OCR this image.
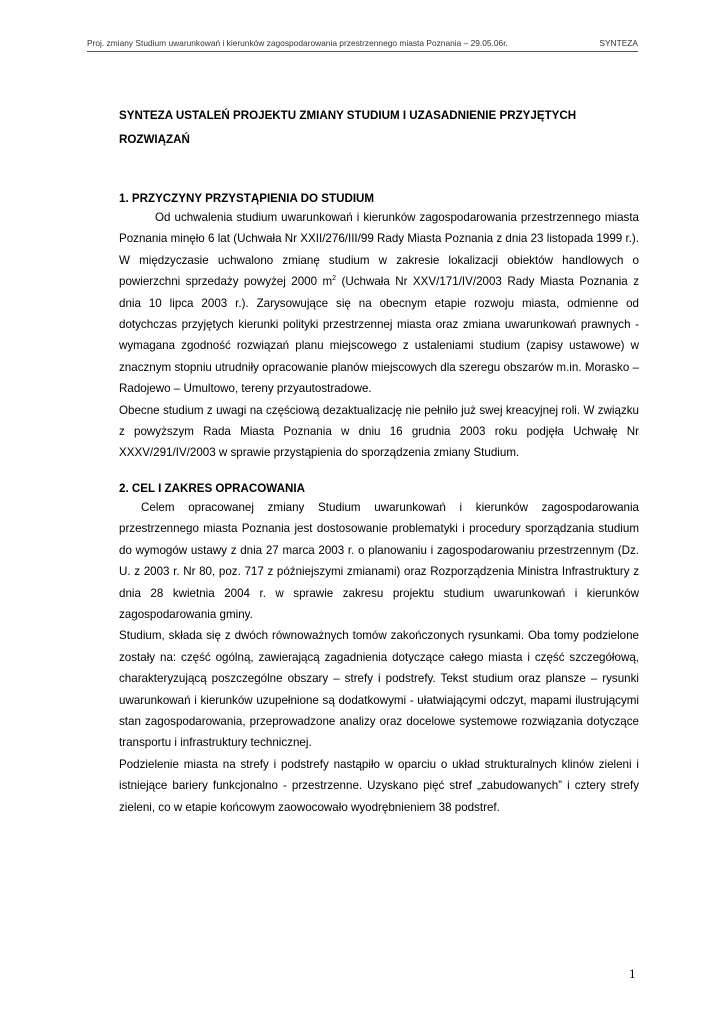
Proj. zmiany Studium uwarunkowań i kierunków zagospodarowania przestrzennego miasta Poznania – 29.05.06r.	SYNTEZA

SYNTEZA USTALEŃ PROJEKTU ZMIANY STUDIUM I UZASADNIENIE PRZYJĘTYCH ROZWIĄZAŃ

1. PRZYCZYNY PRZYSTĄPIENIA DO STUDIUM

Od uchwalenia studium uwarunkowań i kierunków zagospodarowania przestrzennego miasta Poznania minęło 6 lat (Uchwała Nr XXII/276/III/99 Rady Miasta Poznania z dnia 23 listopada 1999 r.). W międzyczasie uchwalono zmianę studium w zakresie lokalizacji obiektów handlowych o powierzchni sprzedaży powyżej 2000 $m^2$ (Uchwała Nr XXV/171/IV/2003 Rady Miasta Poznania z dnia 10 lipca 2003 r.). Zarysowujące się na obecnym etapie rozwoju miasta, odmienne od dotychczas przyjętych kierunki polityki przestrzennej miasta oraz zmiana uwarunkowań prawnych - wymagana zgodność rozwiązań planu miejscowego z ustaleniami studium (zapisy ustawowe) w znacznym stopniu utrudniły opracowanie planów miejscowych dla szeregu obszarów m.in. Morasko – Radojewo – Umultowo, tereny przyautostradowe.

Obecne studium z uwagi na częściową dezaktualizację nie pełniło już swej kreacyjnej roli. W związku z powyższym Rada Miasta Poznania w dniu 16 grudnia 2003 roku podjęła Uchwałę Nr XXXV/291/IV/2003 w sprawie przystąpienia do sporządzenia zmiany Studium.

2. CEL I ZAKRES OPRACOWANIA

Celem opracowanej zmiany Studium uwarunkowań i kierunków zagospodarowania przestrzennego miasta Poznania jest dostosowanie problematyki i procedury sporządzania studium do wymogów ustawy z dnia 27 marca 2003 r. o planowaniu i zagospodarowaniu przestrzennym (Dz. U. z 2003 r. Nr 80, poz. 717 z późniejszymi zmianami) oraz Rozporządzenia Ministra Infrastruktury z dnia 28 kwietnia 2004 r. w sprawie zakresu projektu studium uwarunkowań i kierunków zagospodarowania gminy.

Studium, składa się z dwóch równoważnych tomów zakończonych rysunkami. Oba tomy podzielone zostały na: część ogólną, zawierającą zagadnienia dotyczące całego miasta i część szczegółową, charakteryzującą poszczególne obszary – strefy i podstrefy. Tekst studium oraz plansze – rysunki uwarunkowań i kierunków uzupełnione są dodatkowymi - ułatwiającymi odczyt, mapami ilustrującymi stan zagospodarowania, przeprowadzone analizy oraz docelowe systemowe rozwiązania dotyczące transportu i infrastruktury technicznej.

Podzielenie miasta na strefy i podstrefy nastąpiło w oparciu o układ strukturalnych klinów zieleni i istniejące bariery funkcjonalno - przestrzenne. Uzyskano pięć stref „zabudowanych” i cztery strefy zieleni, co w etapie końcowym zaowocowało wyodrębnieniem 38 podstref.

1
